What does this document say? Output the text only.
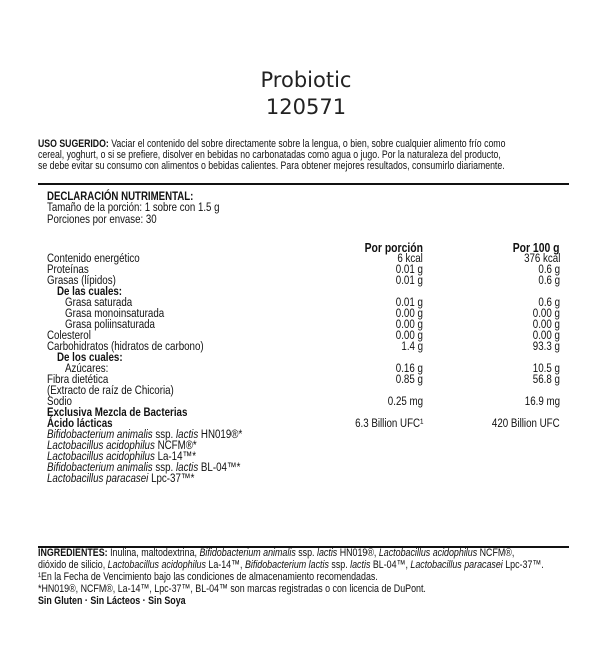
Probiotic
120571
USO SUGERIDO: Vaciar el contenido del sobre directamente sobre la lengua, o bien, sobre cualquier alimento frío como
cereal, yoghurt, o si se prefiere, disolver en bebidas no carbonatadas como agua o jugo. Por la naturaleza del producto,
se debe evitar su consumo con alimentos o bebidas calientes. Para obtener mejores resultados, consumirlo diariamente.
DECLARACIÓN NUTRIMENTAL:
Tamaño de la porción: 1 sobre con 1.5 g
Porciones por envase: 30
Por porción	Por 100 g
Contenido energético	6 kcal	376 kcal
Proteínas	0.01 g	0.6 g
Grasas (lípidos)	0.01 g	0.6 g
De las cuales:
Grasa saturada	0.01 g	0.6 g
Grasa monoinsaturada	0.00 g	0.00 g
Grasa poliinsaturada	0.00 g	0.00 g
Colesterol	0.00 g	0.00 g
Carbohidratos (hidratos de carbono)	1.4 g	93.3 g
De los cuales:
Azúcares:	0.16 g	10.5 g
Fibra dietética	0.85 g	56.8 g
(Extracto de raíz de Chicoria)
Sodio	0.25 mg	16.9 mg
Exclusiva Mezcla de Bacterias
Ácido lácticas	6.3 Billion UFC¹	420 Billion UFC
Bifidobacterium animalis ssp. lactis HN019®*
Lactobacillus acidophilus NCFM®*
Lactobacillus acidophilus La-14™*
Bifidobacterium animalis ssp. lactis BL-04™*
Lactobacillus paracasei Lpc-37™*
INGREDIENTES: Inulina, maltodextrina, Bifidobacterium animalis ssp. lactis HN019®, Lactobacillus acidophilus NCFM®,
dióxido de silicio, Lactobacillus acidophilus La-14™, Bifidobacterium lactis ssp. lactis BL-04™, Lactobacillus paracasei Lpc-37™.
¹En la Fecha de Vencimiento bajo las condiciones de almacenamiento recomendadas.
*HN019®, NCFM®, La-14™, Lpc-37™, BL-04™ son marcas registradas o con licencia de DuPont.
Sin Gluten · Sin Lácteos · Sin Soya
